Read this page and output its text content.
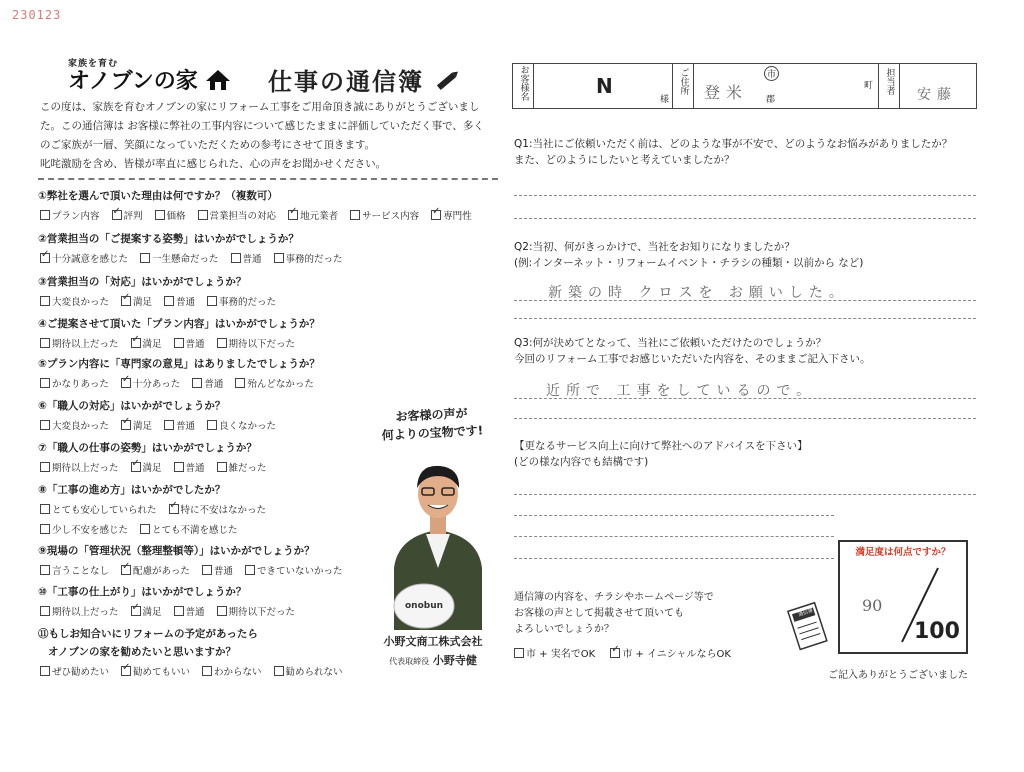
230123
家族を育む
オノブンの家	仕事の通信簿
この度は、家族を育むオノブンの家にリフォーム工事をご用命頂き誠にありがとうございまし
た。この通信簿は お客様に弊社の工事内容について感じたままに評価していただく事で、多く
のご家族が一層、笑顔になっていただくための参考にさせて頂きます。
叱咤激励を含め、皆様が率直に感じられた、心の声をお聞かせください。
①弊社を選んで頂いた理由は何ですか？（複数可）
プラン内容 ✓	評判	価格	営業担当の対応 ✓	地元業者	サービス内容 ✓	専門性
②営業担当の「ご提案する姿勢」はいかがでしょうか？
✓十分誠意を感じた	一生懸命だった	普通	事務的だった
③営業担当の「対応」はいかがでしょうか？
大変良かった ✓	満足	普通	事務的だった
④ご提案させて頂いた「プラン内容」はいかがでしょうか？
期待以上だった ✓	満足	普通	期待以下だった
⑤プラン内容に「専門家の意見」はありましたでしょうか？
かなりあった ✓	十分あった	普通	殆んどなかった
⑥「職人の対応」はいかがでしょうか？
大変良かった ✓	満足	普通	良くなかった
⑦「職人の仕事の姿勢」はいかがでしょうか？
期待以上だった ✓	満足	普通	雑だった
⑧「工事の進め方」はいかがでしたか？
とても安心していられた ✓	特に不安はなかった
少し不安を感じた	とても不満を感じた
⑨現場の「管理状況（整理整頓等）」はいかがでしょうか？
言うことなし ✓	配慮があった	普通	できていないかった
⑩「工事の仕上がり」はいかがでしょうか？
期待以上だった ✓	満足	普通	期待以下だった
⑪もしお知合いにリフォームの予定があったら
オノブンの家を勧めたいと思いますか？
ぜひ勧めたい ✓	勧めてもいい	わからない	勧められない
お客様の声が
何よりの宝物です!
onobun
小野文商工株式会社
代表取締役 小野寺健
お客様名	N
様
ご住所 登米
市
郡
町 担当者 安藤
Q1:当社にご依頼いただく前は、どのような事が不安で、どのようなお悩みがありましたか？
また、どのようにしたいと考えていましたか？
Q2:当初、何がきっかけで、当社をお知りになりましたか？
(例:インターネット・リフォームイベント・チラシの種類・以前から など)
新築の時 クロスを お願いした。
Q3:何が決めてとなって、当社にご依頼いただけたのでしょうか？
今回のリフォーム工事でお感じいただいた内容を、そのままご記入下さい。
近所で 工事をしているので。
【更なるサービス向上に向けて弊社へのアドバイスを下さい】
(どの様な内容でも結構です)
通信簿の内容を、チラシやホームページ等で
お客様の声として掲載させて頂いても
よろしいでしょうか？
市 + 実名でOK ✓	市 + イニシャルならOK
通信簿
満足度は何点ですか？
90
100
ご記入ありがとうございました
